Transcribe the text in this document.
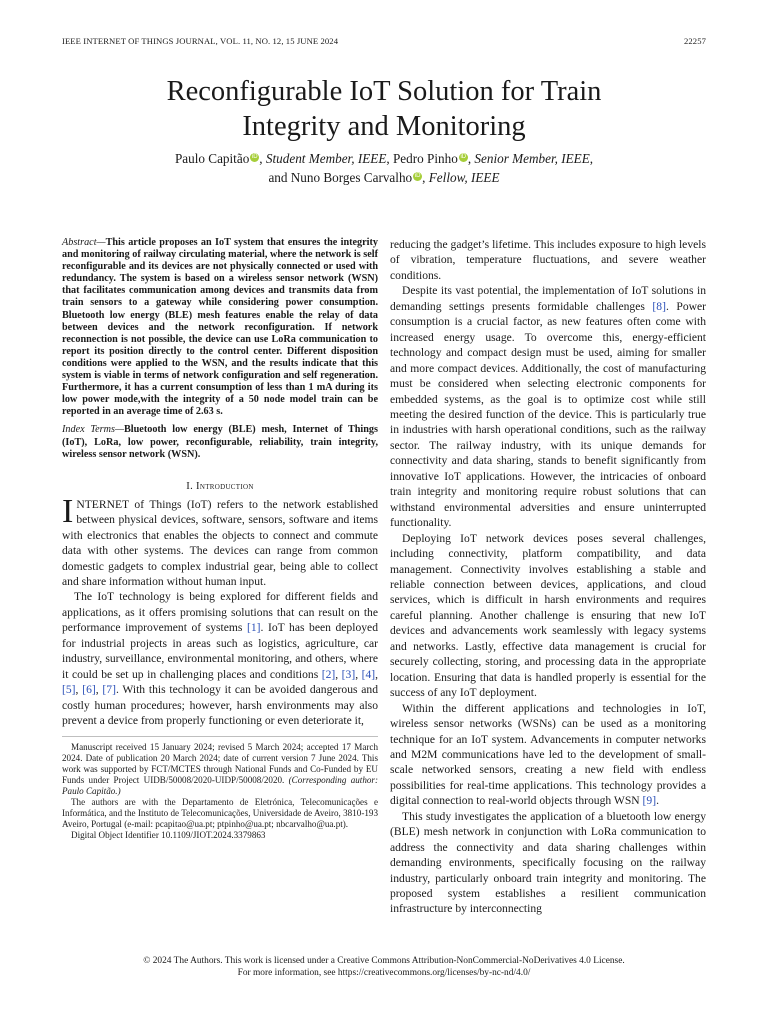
IEEE INTERNET OF THINGS JOURNAL, VOL. 11, NO. 12, 15 JUNE 2024	22257
Reconfigurable IoT Solution for Train
Integrity and Monitoring
Paulo Capitão iD , Student Member, IEEE, Pedro Pinho iD , Senior Member, IEEE,
and Nuno Borges Carvalho iD , Fellow, IEEE

Abstract—This article proposes an IoT system that ensures the integrity and monitoring of railway circulating material, where the network is self reconfigurable and its devices are not physically connected or used with redundancy. The system is based on a wireless sensor network (WSN) that facilitates communication among devices and transmits data from train sensors to a gateway while considering power consumption. Bluetooth low energy (BLE) mesh features enable the relay of data between devices and the network reconfiguration. If network reconnection is not possible, the device can use LoRa communication to report its position directly to the control center. Different disposition conditions were applied to the WSN, and the results indicate that this system is viable in terms of network configuration and self regeneration. Furthermore, it has a current consumption of less than 1 mA during its low power mode,with the integrity of a 50 node model train can be reported in an average time of 2.63 s.

Index Terms—Bluetooth low energy (BLE) mesh, Internet of Things (IoT), LoRa, low power, reconfigurable, reliability, train integrity, wireless sensor network (WSN).

I. Introduction

INTERNET of Things (IoT) refers to the network established between physical devices, software, sensors, software and items with electronics that enables the objects to connect and commute data with other systems. The devices can range from common domestic gadgets to complex industrial gear, being able to collect and share information without human input.

The IoT technology is being explored for different fields and applications, as it offers promising solutions that can result on the performance improvement of systems [1]. IoT has been deployed for industrial projects in areas such as logistics, agriculture, car industry, surveillance, environmental monitoring, and others, where it could be set up in challenging places and conditions [2], [3], [4], [5], [6], [7]. With this technology it can be avoided dangerous and costly human procedures; however, harsh environments may also prevent a device from properly functioning or even deteriorate it,

Manuscript received 15 January 2024; revised 5 March 2024; accepted 17 March 2024. Date of publication 20 March 2024; date of current version 7 June 2024. This work was supported by FCT/MCTES through National Funds and Co-Funded by EU Funds under Project UIDB/50008/2020-UIDP/50008/2020. (Corresponding author: Paulo Capitão.)

The authors are with the Departamento de Eletrónica, Telecomunicações e Informática, and the Instituto de Telecomunicações, Universidade de Aveiro, 3810-193 Aveiro, Portugal (e-mail: pcapitao@ua.pt; ptpinho@ua.pt; nbcarvalho@ua.pt).

Digital Object Identifier 10.1109/JIOT.2024.3379863

reducing the gadget’s lifetime. This includes exposure to high levels of vibration, temperature fluctuations, and severe weather conditions.

Despite its vast potential, the implementation of IoT solutions in demanding settings presents formidable challenges [8]. Power consumption is a crucial factor, as new features often come with increased energy usage. To overcome this, energy-efficient technology and compact design must be used, aiming for smaller and more compact devices. Additionally, the cost of manufacturing must be considered when selecting electronic components for embedded systems, as the goal is to optimize cost while still meeting the desired function of the device. This is particularly true in industries with harsh operational conditions, such as the railway sector. The railway industry, with its unique demands for connectivity and data sharing, stands to benefit significantly from innovative IoT applications. However, the intricacies of onboard train integrity and monitoring require robust solutions that can withstand environmental adversities and ensure uninterrupted functionality.

Deploying IoT network devices poses several challenges, including connectivity, platform compatibility, and data management. Connectivity involves establishing a stable and reliable connection between devices, applications, and cloud services, which is difficult in harsh environments and requires careful planning. Another challenge is ensuring that new IoT devices and advancements work seamlessly with legacy systems and networks. Lastly, effective data management is crucial for securely collecting, storing, and processing data in the appropriate location. Ensuring that data is handled properly is essential for the success of any IoT deployment.

Within the different applications and technologies in IoT, wireless sensor networks (WSNs) can be used as a monitoring technique for an IoT system. Advancements in computer networks and M2M communications have led to the development of small-scale networked sensors, creating a new field with endless possibilities for real-time applications. This technology provides a digital connection to real-world objects through WSN [9].

This study investigates the application of a bluetooth low energy (BLE) mesh network in conjunction with LoRa communication to address the connectivity and data sharing challenges within demanding environments, specifically focusing on the railway industry, particularly onboard train integrity and monitoring. The proposed system establishes a resilient communication infrastructure by interconnecting

© 2024 The Authors. This work is licensed under a Creative Commons Attribution-NonCommercial-NoDerivatives 4.0 License.
For more information, see https://creativecommons.org/licenses/by-nc-nd/4.0/
